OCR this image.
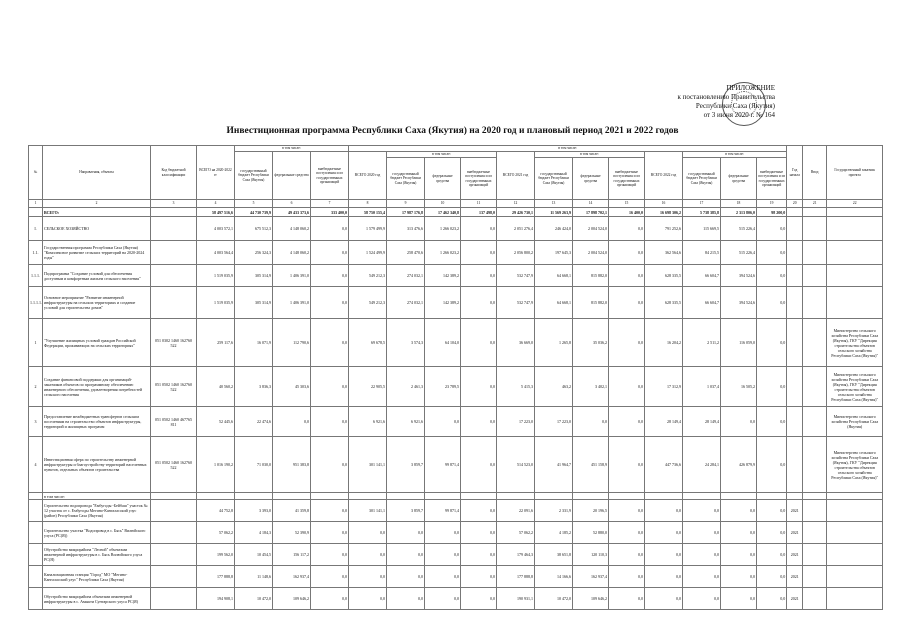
ПРИЛОЖЕНИЕ
к постановлению Правительства
Республики Саха (Якутия)
от 3 июня 2020 г. № 164
Инвестиционная программа Республики Саха (Якутия) на 2020 год и плановый период 2021 и 2022 годов
№	Направления, объекты	Код бюджетной классификации	ВСЕГО на 2020-2022 гг	в том числе:			в том числе:												Год начала	Ввод	Государственный заказчик проекта
				государственный бюджет Республики Саха (Якутия)	федеральные средства	внебюджетные поступления и из государственных организаций	ВСЕГО 2020 год	в том числе:			ВСЕГО 2021 год	в том числе:			ВСЕГО 2022 год	в том числе:					
								государственный бюджет Республики Саха (Якутия)	федеральные средства	внебюджетные поступления и из государственных организаций		государственный бюджет Республики Саха (Якутия)	федеральные средства	внебюджетные поступления и из государственных организаций		государственный бюджет Республики Саха (Якутия)	федеральные средства	внебюджетные поступления и из государственных организаций			
1	2	3	4	5	6	7	8	9	10	11	12	13	14	15	16	17	18	19	20	21	22
	ВСЕГО:		58 497 516,6	44 730 739,9	49 433 373,6	333 400,0	58 750 155,4	17 987 176,8	17 462 340,8	137 498,0	29 426 730,1	11 569 263,9	17 898 702,1	16 400,0	16 698 306,2	5 738 385,8	2 313 806,0	98 200,0			
I.	СЕЛЬСКОЕ ХОЗЯЙСТВО		4 003 572,1	675 512,3	4 148 060,2	0,0	1 579 499,9	313 476,6	1 266 023,2	0,0	2 051 276,4	246 424,0	2 004 524,0	0,0	791 252,6	115 669,5	515 226,4	0,0			
1.1.	Государственная программа Республики Саха (Якутия) "Комплексное развитие сельских территорий на 2020-2024 годы"		4 003 564,4	256 324,3	4 148 060,2	0,0	1 524 499,9	258 470,6	1 266 023,2	0,0	2 056 800,2	197 645,3	2 004 524,0	0,0	362 564,6	84 215,5	515 226,4	0,0			
1.1.1.	Подпрограмма "Создание условий для обеспечения доступным и комфортным жильем сельского населения"		1 519 035,9	305 314,9	1 406 391,0	0,0	549 212,3	274 032,1	142 389,2	0,0	532 747,9	64 668,1	815 882,0	0,0	628 335,5	66 604,7	394 524,6	0,0			
1.1.1.1.	Основное мероприятие "Развитие инженерной инфраструктуры на сельских территориях и создание условий для строительства домов"		1 519 035,9	305 314,9	1 406 391,0	0,0	549 212,3	274 032,1	142 389,2	0,0	532 747,9	64 668,1	815 882,0	0,0	628 335,5	66 604,7	394 524,6	0,0			
1	"Улучшение жилищных условий граждан Российской Федерации, проживающих на сельских территориях"	051 0302 1460 162760 522	259 117,6	16 071,9	112 790,6	0,0	69 678,5	3 574,3	64 104,0	0,0	36 669,0	1 265,8	35 036,2	0,0	16 204,2	2 511,2	116 059,0	0,0			Министерство сельского хозяйства Республики Саха (Якутия), ГКУ "Дирекция строительства объектов сельского хозяйства Республики Саха (Якутия)"
2	Создание финансовой поддержки для организаций-заказчиков объектов по программному обеспечению инженерного обеспечения, удовлетворения потребностей сельского населения	051 0502 1460 162760 522	40 560,2	3 836,3	45 303,6	0,0	22 905,5	2 461,3	23 789,5	0,0	5 415,3	463,2	3 402,1	0,0	17 312,9	1 037,4	16 505,2	0,0			Министерство сельского хозяйства Республики Саха (Якутия), ГКУ "Дирекция строительства объектов сельского хозяйства Республики Саха (Якутия)"
3	Предоставление межбюджетных трансфертов сельским поселениям на строительство объектов инфраструктуры, территорий и жилищных программ	051 0502 1460 467765 811	52 445,6	22 474,6	0,0	0,0	6 921,6	6 921,6	0,0	0,0	17 223,0	17 223,0	0,0	0,0	28 149,4	28 149,4	0,0	0,0			Министерство сельского хозяйства Республики Саха (Якутия)
4	Инвестиционная сфера по строительству инженерной инфраструктуры и благоустройству территорий населенных пунктов, отдельных объектов строительства	051 0502 1460 162760 522	1 016 190,2	71 030,0	951 383,8	0,0	301 141,1	3 859,7	99 871,4	0,0	514 523,0	41 964,7	451 158,9	0,0	447 736,6	24 284,1	426 879,9	0,0			Министерство сельского хозяйства Республики Саха (Якутия), ГКУ "Дирекция строительства объектов сельского хозяйства Республики Саха (Якутия)"
	в том числе:																				
	Строительство водопровода "Ембугоды -Бейбаш" участок № 12 участок от с. Ембугоды Мегино-Кангаласский улус (район) Республики Саха (Якутия)		44 752,8	3 393,0	41 359,8	0,0	301 141,1	3 859,7	99 871,4	0,0	22 091,6	2 331,9	20 196,5	0,0	0,0	0,0	0,0	0,0	2021		
	Строительство участка "Водопровод в с. Бясь" Вилюйского улуса (РС(Я))		57 062,2	4 184,3	52 390,9	0,0	0,0	0,0	0,0	0,0	57 062,2	4 185,2	52 880,0	0,0	0,0	0,0	0,0	0,0	2021		
	Обустройство микрорайона "Лесной" объектами инженерной инфраструктуры в с. Бясь Вилюйского улуса РС(Я)		199 562,0	10 454,5	156 117,2	0,0	0,0	0,0	0,0	0,0	179 464,3	38 651,8	120 110,3	0,0	0,0	0,0	0,0	0,0	2021		
	Канализационная станция "Город" МО "Мегино-Кангаласский улус" Республики Саха (Якутия)		177 888,8	11 148,6	162 937,4	0,0	0,0	0,0	0,0	0,0	177 888,8	14 166,6	162 937,4	0,0	0,0	0,0	0,0	0,0	2021		
	Обустройство микрорайона объектами инженерной инфраструктуры в с. Амыкти Сунтарского улуса РС(Я)		194 908,1	10 472,0	109 646,2	0,0	0,0	0,0	0,0	0,0	190 931,1	10 472,0	109 646,2	0,0	0,0	0,0	0,0	0,0	2021		
